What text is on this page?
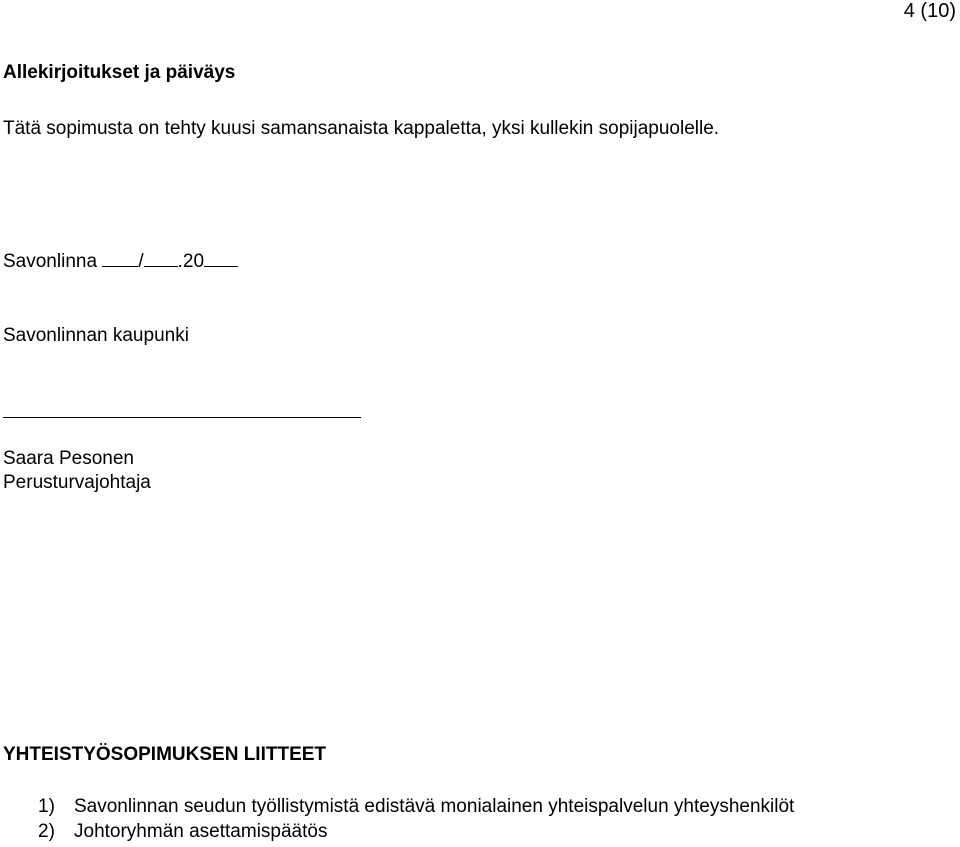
4 (10)
Allekirjoitukset ja päiväys
Tätä sopimusta on tehty kuusi samansanaista kappaletta, yksi kullekin sopijapuolelle.
Savonlinna / .20
Savonlinnan kaupunki
Saara Pesonen
Perusturvajohtaja
YHTEISTYÖSOPIMUKSEN LIITTEET
1) Savonlinnan seudun työllistymistä edistävä monialainen yhteispalvelun yhteyshenkilöt
2) Johtoryhmän asettamispäätös
